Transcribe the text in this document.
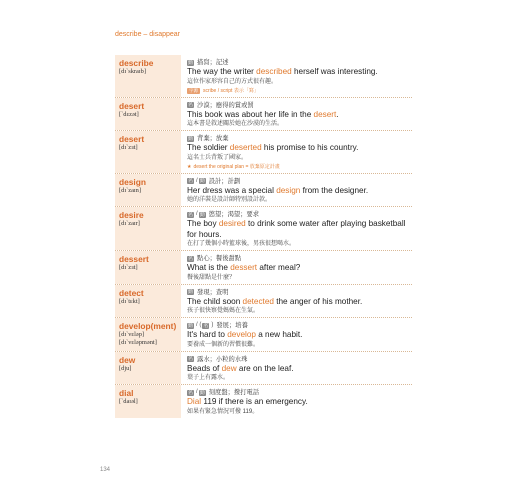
describe – disappear
describe
[dɪˋskraɪb]
動 描寫；記述
The way the writer described herself was interesting.
這位作家形容自己的方式很有趣。
字源	scribe / script 表示「寫」
desert
[ˋdɛzət]
名 沙漠；應得的賞或罰
This book was about her life in the desert.
這本書是敘述關於她在沙漠的生活。
desert
[dɪˋzɜt]
動 背棄；放棄
The soldier deserted his promise to his country.
這名士兵背叛了國家。
★ desert the original plan = 放棄原定計畫
design
[dɪˋzaɪn]
名 / 動 設計；計劃
Her dress was a special design from the designer.
她的洋裝是設計師特別設計款。
desire
[dɪˋzaɪr]
名 / 動 慾望；渴望；要求
The boy desired to drink some water after playing basketball for hours.
在打了幾個小時籃球後，男孩很想喝水。
dessert
[dɪˋzɜt]
名 點心；餐後甜點
What is the dessert after meal?
餐後甜點是什麼？
detect
[dɪˋtɛkt]
動 發現；查明
The child soon detected the anger of his mother.
孩子很快察覺媽媽在生氣。
develop(ment)
[dɪˋvɛləp]
[dɪˋvɛləpmənt]
動 / ( 名 ) 發展；培養
It's hard to develop a new habit.
要養成一個新的習慣很難。
dew
[dju]
名 露水；小粒的水珠
Beads of dew are on the leaf.
葉子上有露水。
dial
[ˋdaɪəl]
名 / 動 刻度盤；撥打電話
Dial 119 if there is an emergency.
如果有緊急情況可撥 119。
134
